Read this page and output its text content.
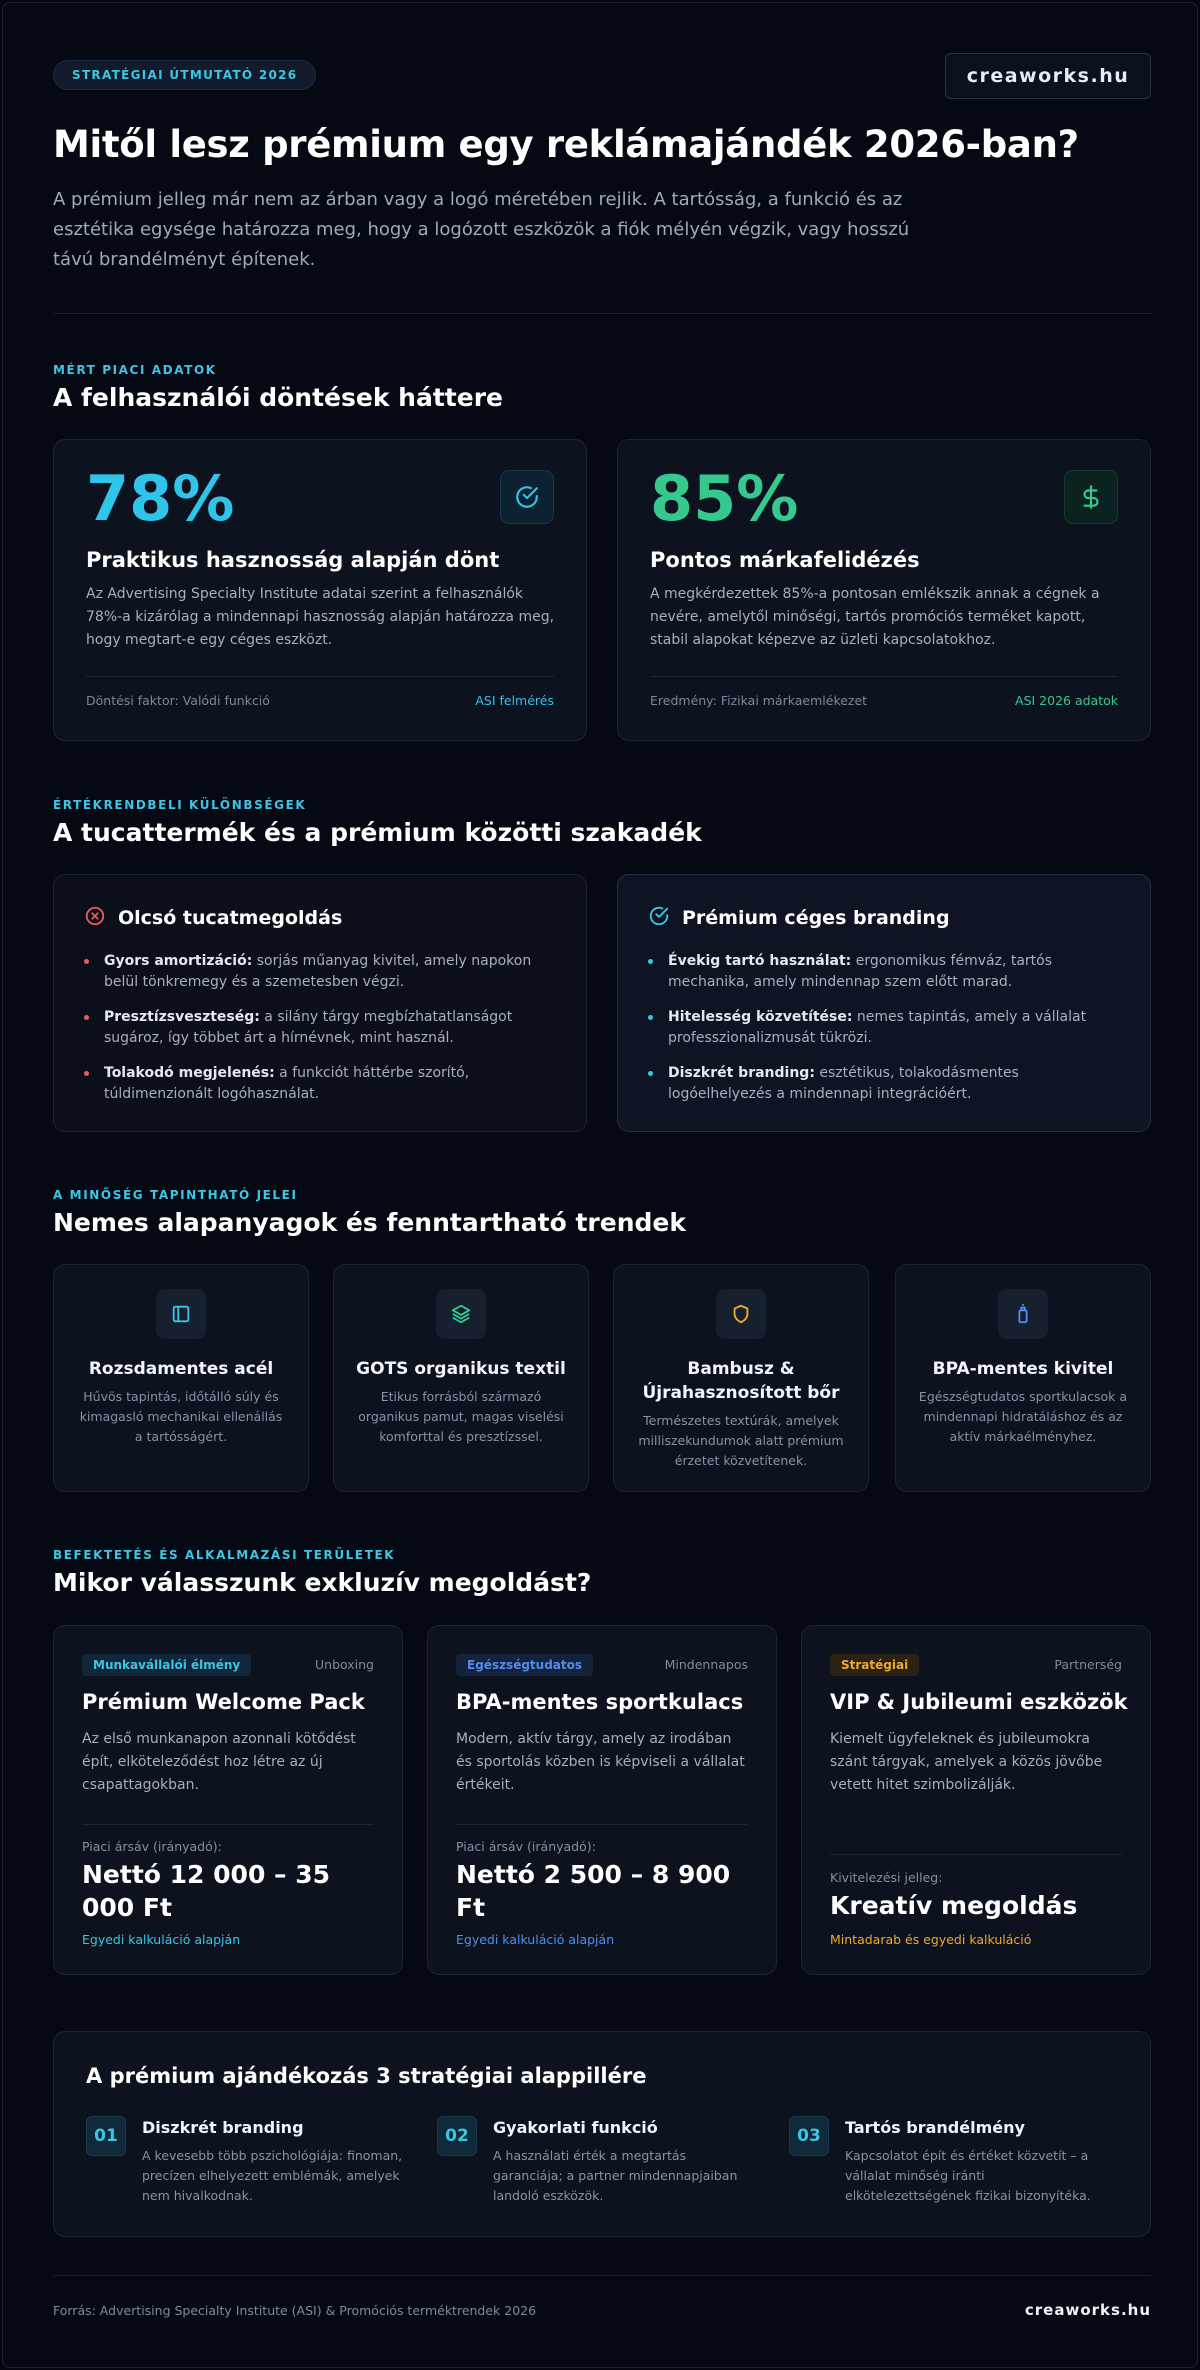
STRATÉGIAI ÚTMUTATÓ 2026	creaworks.hu
Mitől lesz prémium egy reklámajándék 2026-ban?

A prémium jelleg már nem az árban vagy a logó méretében rejlik. A tartósság, a funkció és az esztétika egysége határozza meg, hogy a logózott eszközök a fiók mélyén végzik, vagy hosszú távú brandélményt építenek.

MÉRT PIACI ADATOK
A felhasználói döntések háttere
78%
Praktikus hasznosság alapján dönt
Az Advertising Specialty Institute adatai szerint a felhasználók 78%-a kizárólag a mindennapi hasznosság alapján határozza meg, hogy megtart-e egy céges eszközt.
Döntési faktor: Valódi funkció	ASI felmérés
85%
Pontos márkafelidézés
A megkérdezettek 85%-a pontosan emlékszik annak a cégnek a nevére, amelytől minőségi, tartós promóciós terméket kapott, stabil alapokat képezve az üzleti kapcsolatokhoz.
Eredmény: Fizikai márkaemlékezet	ASI 2026 adatok
ÉRTÉKRENDBELI KÜLÖNBSÉGEK
A tucattermék és a prémium közötti szakadék
Olcsó tucatmegoldás
Gyors amortizáció: sorjás műanyag kivitel, amely napokon belül tönkremegy és a szemetesben végzi.
Presztízsveszteség: a silány tárgy megbízhatatlanságot sugároz, így többet árt a hírnévnek, mint használ.
Tolakodó megjelenés: a funkciót háttérbe szorító, túldimenzionált logóhasználat.
Prémium céges branding
Évekig tartó használat: ergonomikus fémváz, tartós mechanika, amely mindennap szem előtt marad.
Hitelesség közvetítése: nemes tapintás, amely a vállalat professzionalizmusát tükrözi.
Diszkrét branding: esztétikus, tolakodásmentes logóelhelyezés a mindennapi integrációért.
A MINŐSÉG TAPINTHATÓ JELEI
Nemes alapanyagok és fenntartható trendek
Rozsdamentes acél
Hűvös tapintás, időtálló súly és kimagasló mechanikai ellenállás a tartósságért.
GOTS organikus textil
Etikus forrásból származó organikus pamut, magas viselési komforttal és presztízssel.
Bambusz & Újrahasznosított bőr
Természetes textúrák, amelyek milliszekundumok alatt prémium érzetet közvetítenek.
BPA-mentes kivitel
Egészségtudatos sportkulacsok a mindennapi hidratáláshoz és az aktív márkaélményhez.
BEFEKTETÉS ÉS ALKALMAZÁSI TERÜLETEK
Mikor válasszunk exkluzív megoldást?
Munkavállalói élmény	Unboxing
Prémium Welcome Pack
Az első munkanapon azonnali kötődést épít, elköteleződést hoz létre az új csapattagokban.
Piaci ársáv (irányadó):
Nettó 12 000 – 35 000 Ft
Egyedi kalkuláció alapján
Egészségtudatos	Mindennapos
BPA-mentes sportkulacs
Modern, aktív tárgy, amely az irodában és sportolás közben is képviseli a vállalat értékeit.
Piaci ársáv (irányadó):
Nettó 2 500 – 8 900 Ft
Egyedi kalkuláció alapján
Stratégiai	Partnerség
VIP & Jubileumi eszközök
Kiemelt ügyfeleknek és jubileumokra szánt tárgyak, amelyek a közös jövőbe vetett hitet szimbolizálják.
Kivitelezési jelleg:
Kreatív megoldás
Mintadarab és egyedi kalkuláció
A prémium ajándékozás 3 stratégiai alappillére
01	Diszkrét branding
A kevesebb több pszichológiája: finoman, precízen elhelyezett emblémák, amelyek nem hivalkodnak.
02	Gyakorlati funkció
A használati érték a megtartás garanciája; a partner mindennapjaiban landoló eszközök.
03	Tartós brandélmény
Kapcsolatot épít és értéket közvetít – a vállalat minőség iránti elkötelezettségének fizikai bizonyítéka.
Forrás: Advertising Specialty Institute (ASI) & Promóciós terméktrendek 2026	creaworks.hu
